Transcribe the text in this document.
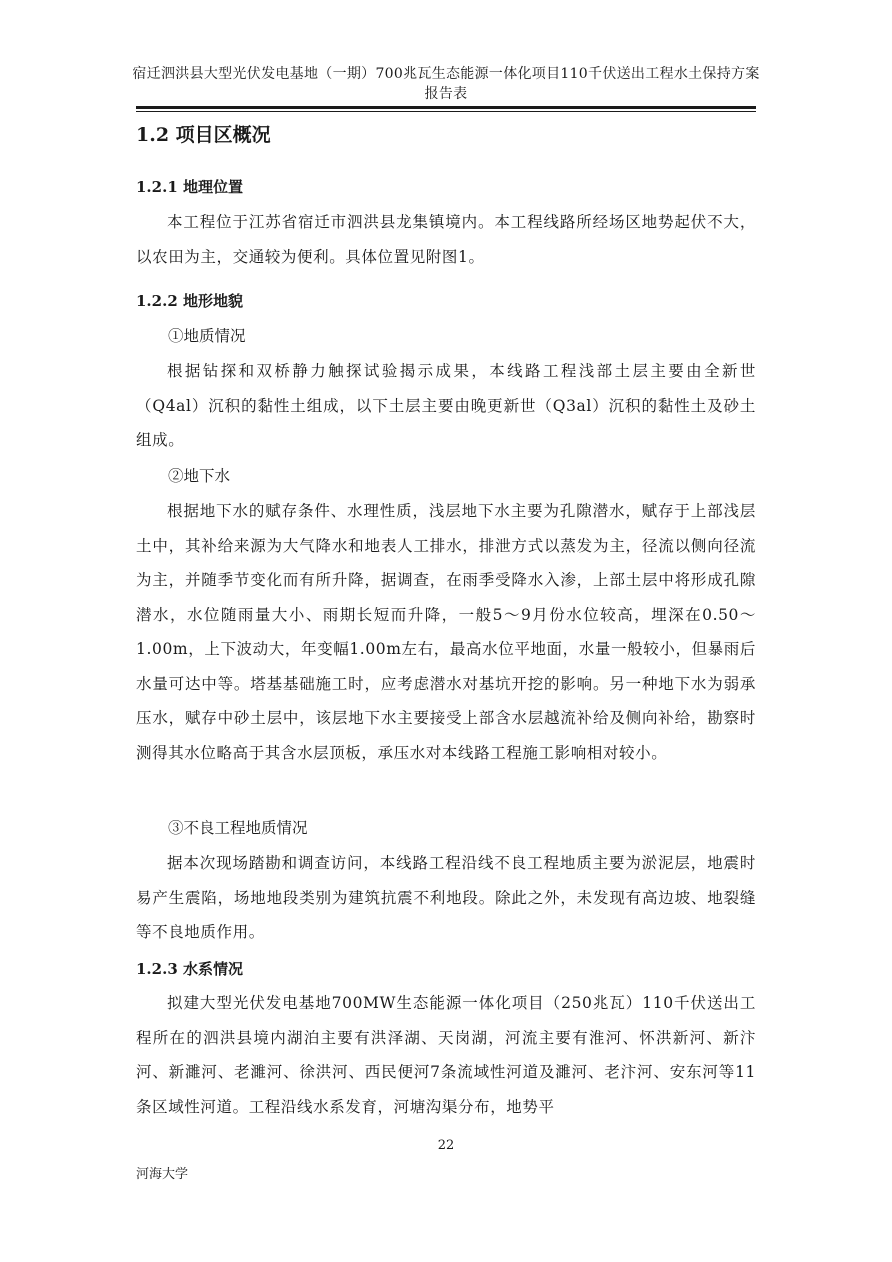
宿迁泗洪县大型光伏发电基地（一期）700兆瓦生态能源一体化项目110千伏送出工程水土保持方案报告表
1.2 项目区概况
1.2.1 地理位置

本工程位于江苏省宿迁市泗洪县龙集镇境内。本工程线路所经场区地势起伏不大，以农田为主，交通较为便利。具体位置见附图1。

1.2.2 地形地貌
①地质情况

根据钻探和双桥静力触探试验揭示成果，本线路工程浅部土层主要由全新世（Q4al）沉积的黏性土组成，以下土层主要由晚更新世（Q3al）沉积的黏性土及砂土组成。

②地下水

根据地下水的赋存条件、水理性质，浅层地下水主要为孔隙潜水，赋存于上部浅层土中，其补给来源为大气降水和地表人工排水，排泄方式以蒸发为主，径流以侧向径流为主，并随季节变化而有所升降，据调查，在雨季受降水入渗，上部土层中将形成孔隙潜水，水位随雨量大小、雨期长短而升降，一般5～9月份水位较高，埋深在0.50～1.00m，上下波动大，年变幅1.00m左右，最高水位平地面，水量一般较小，但暴雨后水量可达中等。塔基基础施工时，应考虑潜水对基坑开挖的影响。另一种地下水为弱承压水，赋存中砂土层中，该层地下水主要接受上部含水层越流补给及侧向补给，勘察时测得其水位略高于其含水层顶板，承压水对本线路工程施工影响相对较小。

③不良工程地质情况

据本次现场踏勘和调查访问，本线路工程沿线不良工程地质主要为淤泥层，地震时易产生震陷，场地地段类别为建筑抗震不利地段。除此之外，未发现有高边坡、地裂缝等不良地质作用。

1.2.3 水系情况

拟建大型光伏发电基地700MW生态能源一体化项目（250兆瓦）110千伏送出工程所在的泗洪县境内湖泊主要有洪泽湖、天岗湖，河流主要有淮河、怀洪新河、新汴河、新濉河、老濉河、徐洪河、西民便河7条流域性河道及濉河、老汴河、安东河等11条区域性河道。工程沿线水系发育，河塘沟渠分布，地势平

22
河海大学
